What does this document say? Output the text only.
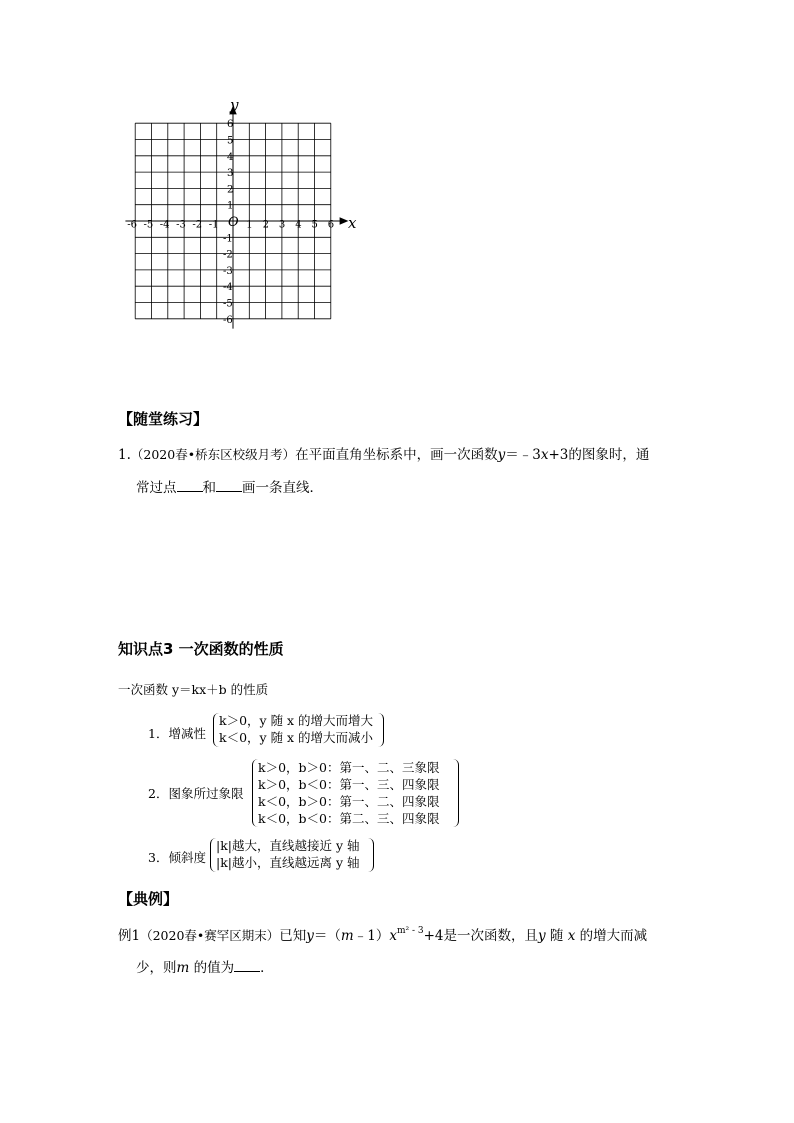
-6 -5 -4 -3 -2 -1	1 2 3 4 5 6
6
5
4
3
2
1
-1
-2
-3
-4
-5
-6
y
x
O
【随堂练习】
1.（2020春•桥东区校级月考）在平面直角坐标系中，画一次函数y＝﹣3x+3的图象时，通
常过点 和 画一条直线．
知识点3 一次函数的性质
一次函数 y＝kx＋b 的性质
1．增减性
k＞0，y 随 x 的增大而增大
k＜0，y 随 x 的增大而减小
2．图象所过象限
k＞0，b＞0：第一、二、三象限
k＞0，b＜0：第一、三、四象限
k＜0，b＞0：第一、二、四象限
k＜0，b＜0：第二、三、四象限
3．倾斜度
|k|越大，直线越接近 y 轴
|k|越小，直线越远离 y 轴
【典例】
例1（2020春•赛罕区期末）已知$y=(m﹣1)x^{m^2 - 3}+4$是一次函数，且y 随 x 的增大而减
少，则m 的值为 ．
